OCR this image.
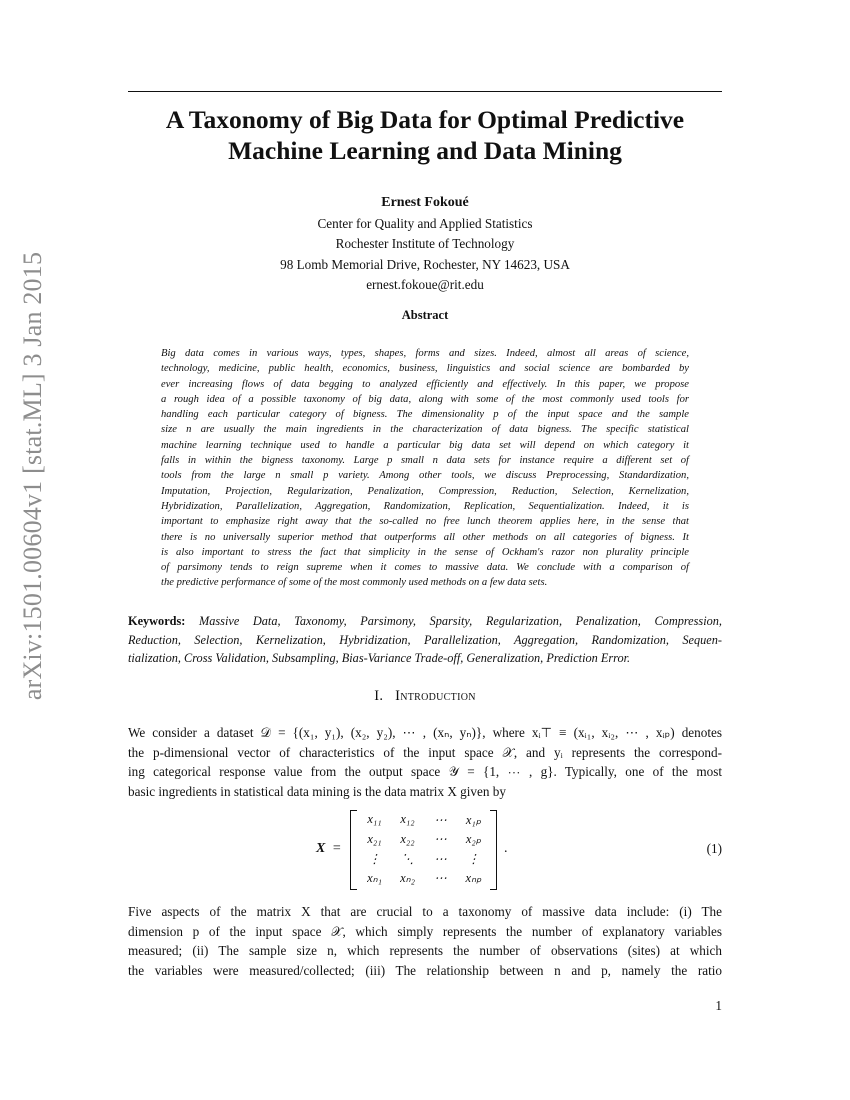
arXiv:1501.00604v1 [stat.ML] 3 Jan 2015
A Taxonomy of Big Data for Optimal Predictive
Machine Learning and Data Mining
Ernest Fokoué
Center for Quality and Applied Statistics
Rochester Institute of Technology
98 Lomb Memorial Drive, Rochester, NY 14623, USA
ernest.fokoue@rit.edu
Abstract
Big data comes in various ways, types, shapes, forms and sizes. Indeed, almost all areas of science,
technology, medicine, public health, economics, business, linguistics and social science are bombarded by
ever increasing flows of data begging to analyzed efficiently and effectively. In this paper, we propose
a rough idea of a possible taxonomy of big data, along with some of the most commonly used tools for
handling each particular category of bigness. The dimensionality p of the input space and the sample
size n are usually the main ingredients in the characterization of data bigness. The specific statistical
machine learning technique used to handle a particular big data set will depend on which category it
falls in within the bigness taxonomy. Large p small n data sets for instance require a different set of
tools from the large n small p variety. Among other tools, we discuss Preprocessing, Standardization,
Imputation, Projection, Regularization, Penalization, Compression, Reduction, Selection, Kernelization,
Hybridization, Parallelization, Aggregation, Randomization, Replication, Sequentialization. Indeed, it is
important to emphasize right away that the so-called no free lunch theorem applies here, in the sense that
there is no universally superior method that outperforms all other methods on all categories of bigness. It
is also important to stress the fact that simplicity in the sense of Ockham's razor non plurality principle
of parsimony tends to reign supreme when it comes to massive data. We conclude with a comparison of
the predictive performance of some of the most commonly used methods on a few data sets.
Keywords: Massive Data, Taxonomy, Parsimony, Sparsity, Regularization, Penalization, Compression,
Reduction, Selection, Kernelization, Hybridization, Parallelization, Aggregation, Randomization, Sequen-
tialization, Cross Validation, Subsampling, Bias-Variance Trade-off, Generalization, Prediction Error.
I. Introduction
We consider a dataset 𝒟 = {(x₁, y₁), (x₂, y₂), ⋯ , (xₙ, yₙ)}, where xᵢ⊤ ≡ (xᵢ₁, xᵢ₂, ⋯ , xᵢₚ) denotes
the p-dimensional vector of characteristics of the input space 𝒳, and yᵢ represents the correspond-
ing categorical response value from the output space 𝒴 = {1, ⋯ , g}. Typically, one of the most
basic ingredients in statistical data mining is the data matrix X given by
X =
x₁₁	x₁₂	⋯	x₁ₚ
x₂₁	x₂₂	⋯	x₂ₚ
⋮	⋱	⋯	⋮
xₙ₁	xₙ₂	⋯	xₙₚ
.	(1)
Five aspects of the matrix X that are crucial to a taxonomy of massive data include: (i) The
dimension p of the input space 𝒳, which simply represents the number of explanatory variables
measured; (ii) The sample size n, which represents the number of observations (sites) at which
the variables were measured/collected; (iii) The relationship between n and p, namely the ratio
1
